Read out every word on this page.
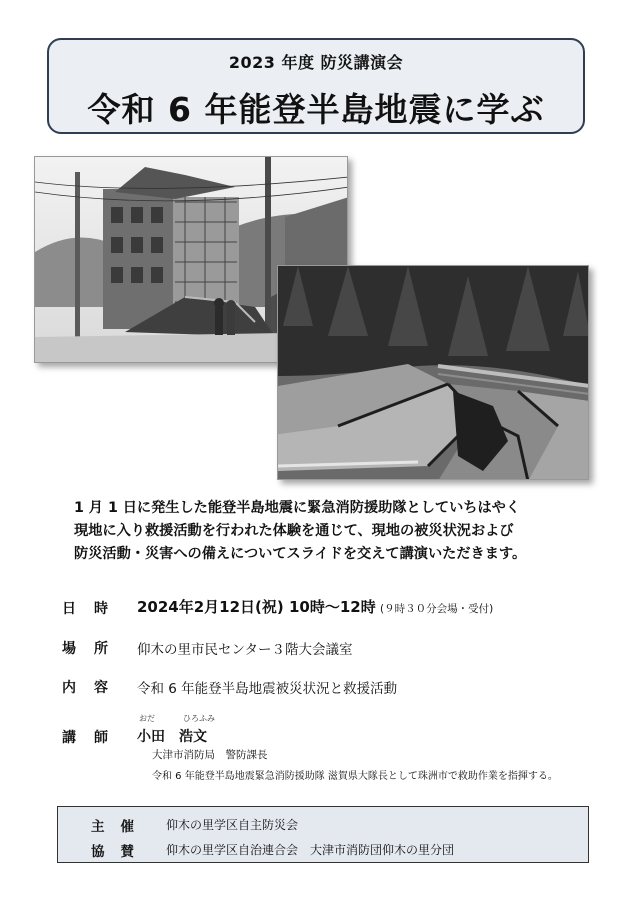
2023 年度 防災講演会
令和 6 年能登半島地震に学ぶ
1 月 1 日に発生した能登半島地震に緊急消防援助隊としていちはやく
現地に入り救援活動を行われた体験を通じて、現地の被災状況および
防災活動・災害への備えについてスライドを交えて講演いただきます。
日時 2024年2月12日(祝) 10時～12時 (９時３０分会場・受付)
場所 仰木の里市民センター３階大会議室
内容 令和 6 年能登半島地震被災状況と救援活動
講師
おだ	ひろふみ
小田　浩文
大津市消防局　警防課長
令和 6 年能登半島地震緊急消防援助隊 滋賀県大隊長として珠洲市で救助作業を指揮する。
主催 仰木の里学区自主防災会
協賛 仰木の里学区自治連合会　大津市消防団仰木の里分団
